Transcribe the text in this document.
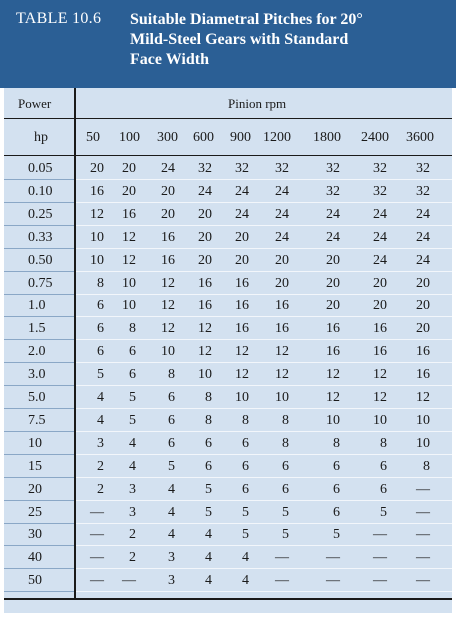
TABLE 10.6 Suitable Diametral Pitches for 20°
Mild-Steel Gears with Standard
Face Width
Power	Pinion rpm
hp	50 100 300 600 900 1200 1800 2400 3600
0.05	20 20 24 32 32 32	32 32 32
0.10	16 20 20 24 24 24	32 32 32
0.25	12 16 20 20 24 24	24 24 24
0.33	10 12 16 20 20 24	24 24 24
0.50	10 12 16 20 20 20	20 24 24
0.75	8 10 12 16 16 20	20 20 20
1.0	6 10 12 16 16 16	20 20 20
1.5	6 8 12 12 16 16	16 16 20
2.0	6 6 10 12 12 12	16 16 16
3.0	5 6 8 10 12 12	12 12 16
5.0	4 5 6 8 10 10	12 12 12
7.5	4 5 6 8 8 8	10 10 10
10	3 4 6 6 6 8	8	8 10
15	2 4 5 6 6 6	6	6	8
20	2 3 4 5 6 6	6	6 —
25	— 3 4 5 5 5	6	5 —
30	— 2 4 4 5 5	5 — —
40	— 2 3 4 4 —	— — —
50	— — 3 4 4 —	— — —
